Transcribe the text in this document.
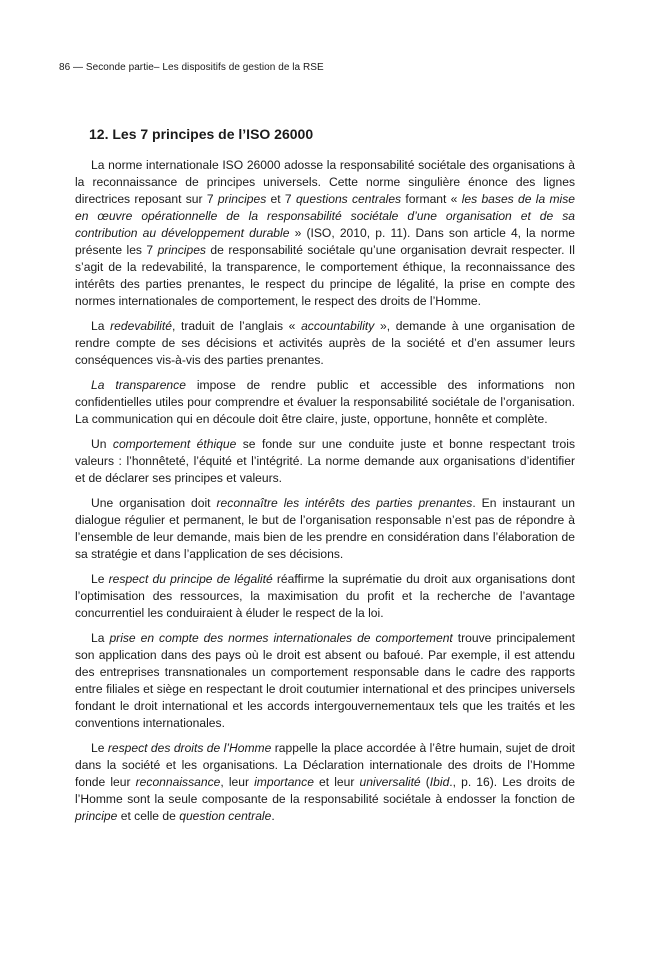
86 — Seconde partie– Les dispositifs de gestion de la RSE
12. Les 7 principes de l’ISO 26000

La norme internationale ISO 26000 adosse la responsabilité sociétale des organisations à la reconnaissance de principes universels. Cette norme singulière énonce des lignes directrices reposant sur 7 principes et 7 questions centrales formant « les bases de la mise en œuvre opérationnelle de la responsabilité sociétale d’une organisation et de sa contribution au développement durable » (ISO, 2010, p. 11). Dans son article 4, la norme présente les 7 principes de responsabilité sociétale qu’une organisation devrait respecter. Il s’agit de la redevabilité, la transparence, le comportement éthique, la reconnaissance des intérêts des parties prenantes, le respect du principe de légalité, la prise en compte des normes internationales de comportement, le respect des droits de l’Homme.

La redevabilité, traduit de l’anglais « accountability », demande à une organisation de rendre compte de ses décisions et activités auprès de la société et d’en assumer leurs conséquences vis-à-vis des parties prenantes.

La transparence impose de rendre public et accessible des informations non confidentielles utiles pour comprendre et évaluer la responsabilité sociétale de l’organisation. La communication qui en découle doit être claire, juste, opportune, honnête et complète.

Un comportement éthique se fonde sur une conduite juste et bonne respectant trois valeurs : l’honnêteté, l’équité et l’intégrité. La norme demande aux organisations d’identifier et de déclarer ses principes et valeurs.

Une organisation doit reconnaître les intérêts des parties prenantes. En instaurant un dialogue régulier et permanent, le but de l’organisation responsable n’est pas de répondre à l’ensemble de leur demande, mais bien de les prendre en considération dans l’élaboration de sa stratégie et dans l’application de ses décisions.

Le respect du principe de légalité réaffirme la suprématie du droit aux organisations dont l’optimisation des ressources, la maximisation du profit et la recherche de l’avantage concurrentiel les conduiraient à éluder le respect de la loi.

La prise en compte des normes internationales de comportement trouve principalement son application dans des pays où le droit est absent ou bafoué. Par exemple, il est attendu des entreprises transnationales un comportement responsable dans le cadre des rapports entre filiales et siège en respectant le droit coutumier international et des principes universels fondant le droit international et les accords intergouvernementaux tels que les traités et les conventions internationales.

Le respect des droits de l’Homme rappelle la place accordée à l’être humain, sujet de droit dans la société et les organisations. La Déclaration internationale des droits de l’Homme fonde leur reconnaissance, leur importance et leur universalité (Ibid., p. 16). Les droits de l’Homme sont la seule composante de la responsabilité sociétale à endosser la fonction de principe et celle de question centrale.
